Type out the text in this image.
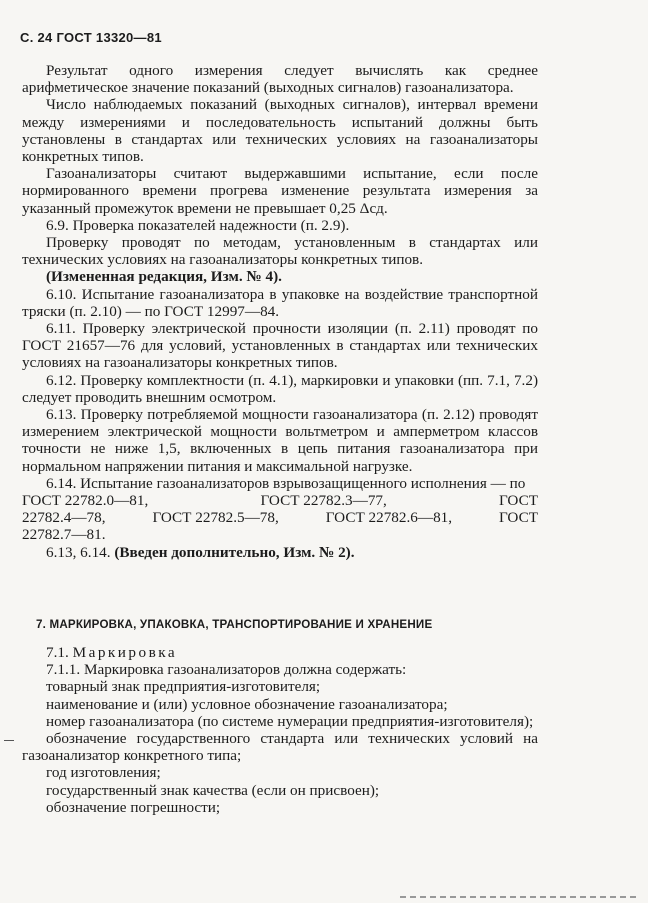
С. 24 ГОСТ 13320—81

Результат одного измерения следует вычислять как среднее арифметическое значение показаний (выходных сигналов) газоанализатора.

Число наблюдаемых показаний (выходных сигналов), интервал времени между измерениями и последовательность испытаний должны быть установлены в стандартах или технических условиях на газоанализаторы конкретных типов.

Газоанализаторы считают выдержавшими испытание, если после нормированного времени прогрева изменение результата измерения за указанный промежуток времени не превышает 0,25 Δсд.

6.9. Проверка показателей надежности (п. 2.9).

Проверку проводят по методам, установленным в стандартах или технических условиях на газоанализаторы конкретных типов.

(Измененная редакция, Изм. № 4).

6.10. Испытание газоанализатора в упаковке на воздействие транспортной тряски (п. 2.10) — по ГОСТ 12997—84.

6.11. Проверку электрической прочности изоляции (п. 2.11) проводят по ГОСТ 21657—76 для условий, установленных в стандартах или технических условиях на газоанализаторы конкретных типов.

6.12. Проверку комплектности (п. 4.1), маркировки и упаковки (пп. 7.1, 7.2) следует проводить внешним осмотром.

6.13. Проверку потребляемой мощности газоанализатора (п. 2.12) проводят измерением электрической мощности вольтметром и амперметром классов точности не ниже 1,5, включенных в цепь питания газоанализатора при нормальном напряжении питания и максимальной нагрузке.

6.14. Испытание газоанализаторов взрывозащищенного исполнения — по

ГОСТ 22782.0—81,	ГОСТ 22782.3—77,	ГОСТ
22782.4—78,	ГОСТ 22782.5—78,	ГОСТ 22782.6—81,	ГОСТ
22782.7—81.

6.13, 6.14. (Введен дополнительно, Изм. № 2).

7. МАРКИРОВКА, УПАКОВКА, ТРАНСПОРТИРОВАНИЕ И ХРАНЕНИЕ

7.1. Маркировка

7.1.1. Маркировка газоанализаторов должна содержать:

товарный знак предприятия-изготовителя;

наименование и (или) условное обозначение газоанализатора;

номер газоанализатора (по системе нумерации предприятия-изготовителя);

обозначение государственного стандарта или технических условий на газоанализатор конкретного типа;

год изготовления;

государственный знак качества (если он присвоен);

обозначение погрешности;
